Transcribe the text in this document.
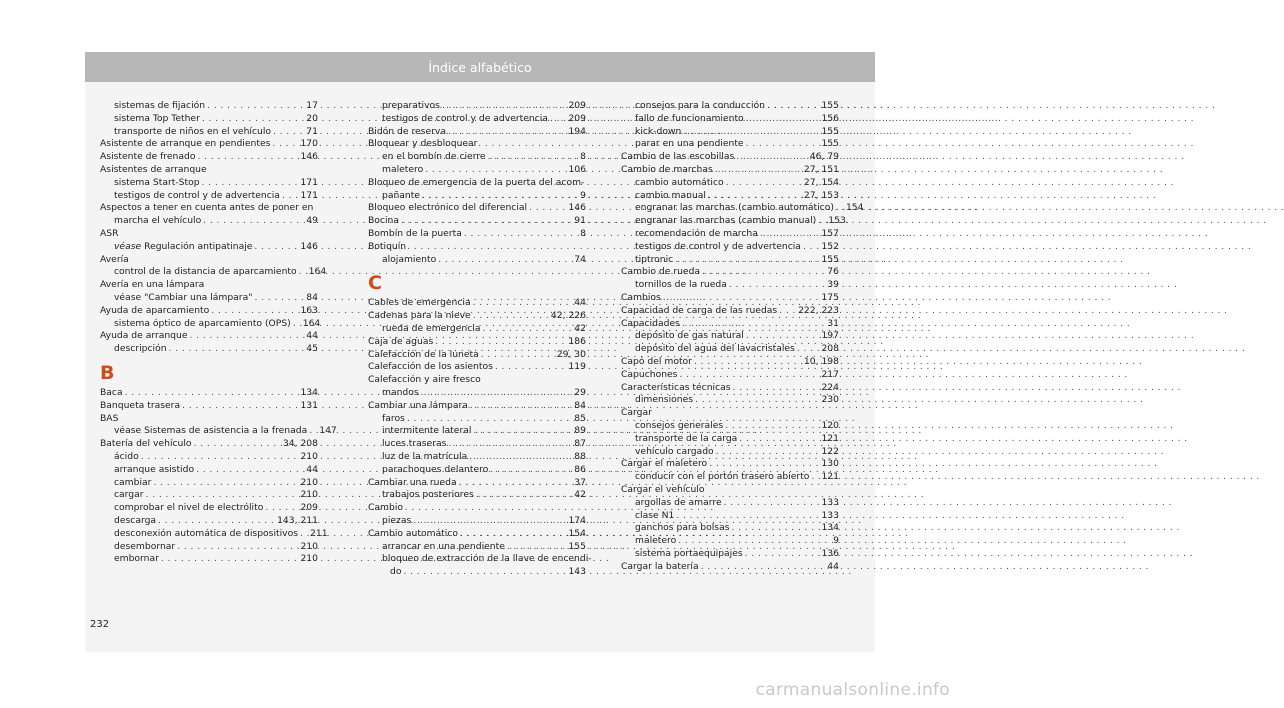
Índice alfabético
sistemas de fijación . . .	17
sistema Top Tether . . .	20
transporte de niños en el vehículo . . .	71
Asistente de arranque en pendientes . . .	170
Asistente de frenado . . .	146
Asistentes de arranque
sistema Start-Stop . . .	171
testigos de control y de advertencia . . . 171
Aspectos a tener en cuenta antes de poner en
marcha el vehículo . . .	49
ASR
véase Regulación antipatinaje . . .	146
Avería
control de la distancia de aparcamiento . . . 164
Avería en una lámpara
véase "Cambiar una lámpara" . . .	84
Ayuda de aparcamiento . . .	163
sistema óptico de aparcamiento (OPS) . . . 164
Ayuda de arranque . . .	44
descripción . . .	45
B
Baca . . .	134
Banqueta trasera . . .	131
BAS
véase Sistemas de asistencia a la frenada . . . 147
Batería del vehículo . . .	34, 208
ácido . . .	210
arranque asistido . . .	44
cambiar . . .	210
cargar . . .	210
comprobar el nivel de electrólito . . .	209
descarga . . .	143, 211
desconexión automática de dispositivos . . . 211
desembornar . . .	210
embornar . . .	210
preparativos . . .	209
testigos de control y de advertencia . . . 209
Bidón de reserva . . .	194
Bloquear y desbloquear
en el bombín de cierre . . .	8
maletero . . .	106
Bloqueo de emergencia de la puerta del acom-
pañante . . .	9
Bloqueo electrónico del diferencial . . .	146
Bocina . . .	91
Bombín de la puerta . . .	8
Botiquín
alojamiento . . .	74
C
Cables de emergencia . . .	44
Cadenas para la nieve . . .	42, 226
rueda de emergencia . . .	42
Caja de aguas . . .	186
Calefacción de la luneta . . .	29, 30
Calefacción de los asientos . . .	119
Calefacción y aire fresco
mandos . . .	29
Cambiar una lámpara . . .	84
faros . . .	85
intermitente lateral . . .	89
luces traseras . . .	87
luz de la matrícula . . .	88
parachoques delantero . . .	86
Cambiar una rueda . . .	37
trabajos posteriores . . .	42
Cambio
piezas . . .	174
Cambio automático . . .	154
arrancar en una pendiente . . .	155
bloqueo de extracción de la llave de encendi-
do . . .	143
consejos para la conducción . . .	155
fallo de funcionamiento . . .	156
kick-down . . .	155
parar en una pendiente . . .	155
Cambio de las escobillas . . .	46, 79
Cambio de marchas . . .	27, 151
cambio automático . . .	27, 154
cambio manual . . .	27, 153
engranar las marchas (cambio automático) . . . 154
engranar las marchas (cambio manual) . . . 153
recomendación de marcha . . .	157
testigos de control y de advertencia . . . 152
tiptronic . . .	155
Cambio de rueda . . .	76
tornillos de la rueda . . .	39
Cambios . . .	175
Capacidad de carga de las ruedas . . . 222, 223
Capacidades . . .	31
depósito de gas natural . . .	197
depósito del agua del lavacristales . . .	208
Capó del motor . . .	10, 198
Capuchones . . .	217
Características técnicas . . .	224
dimensiones . . .	230
Cargar
consejos generales . . .	120
transporte de la carga . . .	121
vehículo cargado . . .	122
Cargar el maletero . . .	130
conducir con el portón trasero abierto . . . 121
Cargar el vehículo
argollas de amarre . . .	133
clase N1 . . .	133
ganchos para bolsas . . .	134
maletero . . .	9
sistema portaequipajes . . .	136
Cargar la batería . . .	44
232
carmanualsonline.info
